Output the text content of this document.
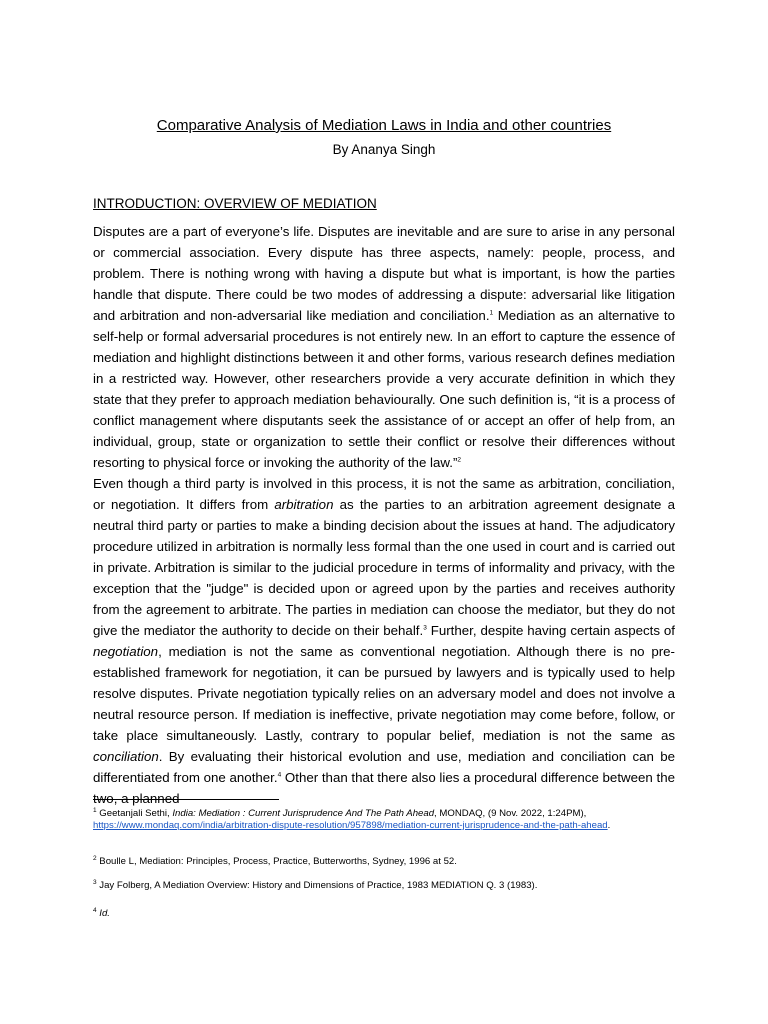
Comparative Analysis of Mediation Laws in India and other countries
By Ananya Singh
INTRODUCTION: OVERVIEW OF MEDIATION

Disputes are a part of everyone’s life. Disputes are inevitable and are sure to arise in any personal or commercial association. Every dispute has three aspects, namely: people, process, and problem. There is nothing wrong with having a dispute but what is important, is how the parties handle that dispute. There could be two modes of addressing a dispute: adversarial like litigation and arbitration and non-adversarial like mediation and conciliation.$^1$ Mediation as an alternative to self-help or formal adversarial procedures is not entirely new. In an effort to capture the essence of mediation and highlight distinctions between it and other forms, various research defines mediation in a restricted way. However, other researchers provide a very accurate definition in which they state that they prefer to approach mediation behaviourally. One such definition is, “it is a process of conflict management where disputants seek the assistance of or accept an offer of help from, an individual, group, state or organization to settle their conflict or resolve their differences without resorting to physical force or invoking the authority of the law.”$^2$

Even though a third party is involved in this process, it is not the same as arbitration, conciliation, or negotiation. It differs from arbitration as the parties to an arbitration agreement designate a neutral third party or parties to make a binding decision about the issues at hand. The adjudicatory procedure utilized in arbitration is normally less formal than the one used in court and is carried out in private. Arbitration is similar to the judicial procedure in terms of informality and privacy, with the exception that the "judge" is decided upon or agreed upon by the parties and receives authority from the agreement to arbitrate. The parties in mediation can choose the mediator, but they do not give the mediator the authority to decide on their behalf.$^3$ Further, despite having certain aspects of negotiation, mediation is not the same as conventional negotiation. Although there is no pre-established framework for negotiation, it can be pursued by lawyers and is typically used to help resolve disputes. Private negotiation typically relies on an adversary model and does not involve a neutral resource person. If mediation is ineffective, private negotiation may come before, follow, or take place simultaneously. Lastly, contrary to popular belief, mediation is not the same as conciliation. By evaluating their historical evolution and use, mediation and conciliation can be differentiated from one another.$^4$ Other than that there also lies a procedural difference between the two, a planned

$^1$ Geetanjali Sethi, India: Mediation : Current Jurisprudence And The Path Ahead, MONDAQ, (9 Nov. 2022, 1:24PM), https://www.mondaq.com/india/arbitration-dispute-resolution/957898/mediation-current-jurisprudence-and-the-path-ahead.

$^2$ Boulle L, Mediation: Principles, Process, Practice, Butterworths, Sydney, 1996 at 52.

$^3$ Jay Folberg, A Mediation Overview: History and Dimensions of Practice, 1983 MEDIATION Q. 3 (1983).

$^4$ Id.
